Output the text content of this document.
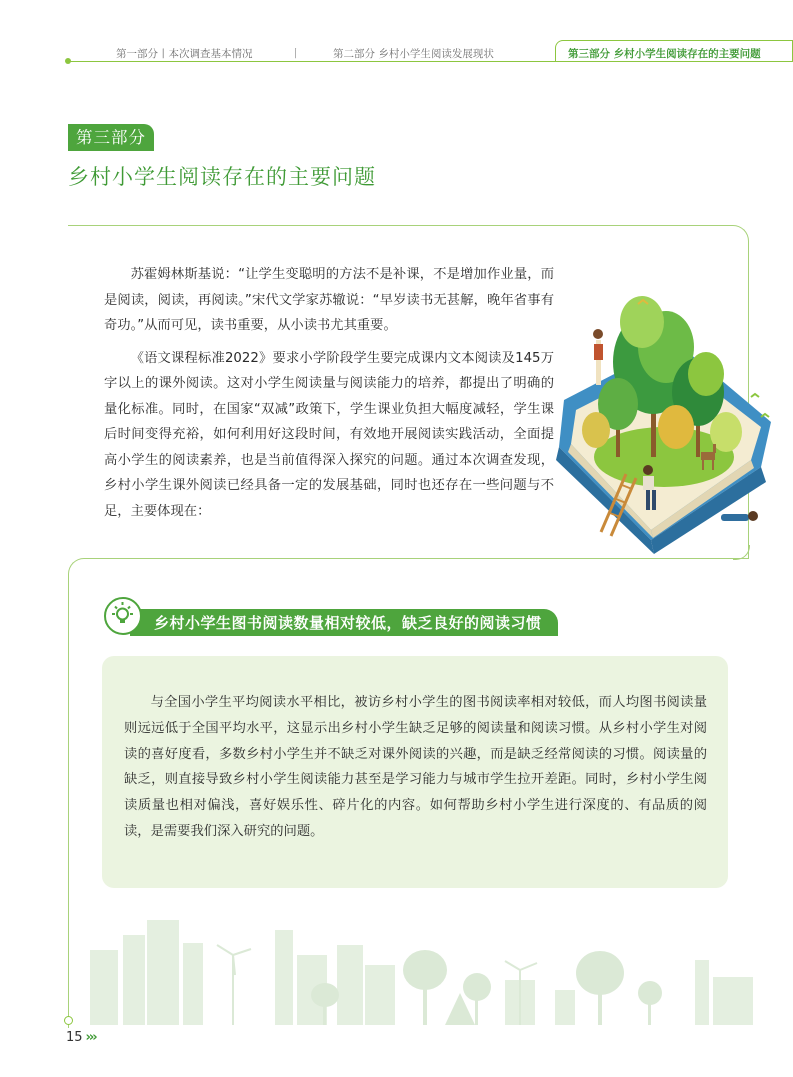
第一部分丨本次调查基本情况	丨	第二部分 乡村小学生阅读发展现状	第三部分 乡村小学生阅读存在的主要问题
第三部分
乡村小学生阅读存在的主要问题

苏霍姆林斯基说：“让学生变聪明的方法不是补课，不是增加作业量，而是阅读，阅读，再阅读。”宋代文学家苏辙说：“早岁读书无甚解，晚年省事有奇功。”从而可见，读书重要，从小读书尤其重要。

《语文课程标准2022》要求小学阶段学生要完成课内文本阅读及145万字以上的课外阅读。这对小学生阅读量与阅读能力的培养，都提出了明确的量化标准。同时，在国家“双减”政策下，学生课业负担大幅度减轻，学生课后时间变得充裕，如何利用好这段时间，有效地开展阅读实践活动，全面提高小学生的阅读素养，也是当前值得深入探究的问题。通过本次调查发现，乡村小学生课外阅读已经具备一定的发展基础，同时也还存在一些问题与不足，主要体现在：

乡村小学生图书阅读数量相对较低，缺乏良好的阅读习惯

与全国小学生平均阅读水平相比，被访乡村小学生的图书阅读率相对较低，而人均图书阅读量则远远低于全国平均水平，这显示出乡村小学生缺乏足够的阅读量和阅读习惯。从乡村小学生对阅读的喜好度看，多数乡村小学生并不缺乏对课外阅读的兴趣，而是缺乏经常阅读的习惯。阅读量的缺乏，则直接导致乡村小学生阅读能力甚至是学习能力与城市学生拉开差距。同时，乡村小学生阅读质量也相对偏浅，喜好娱乐性、碎片化的内容。如何帮助乡村小学生进行深度的、有品质的阅读，是需要我们深入研究的问题。

15 ›››
